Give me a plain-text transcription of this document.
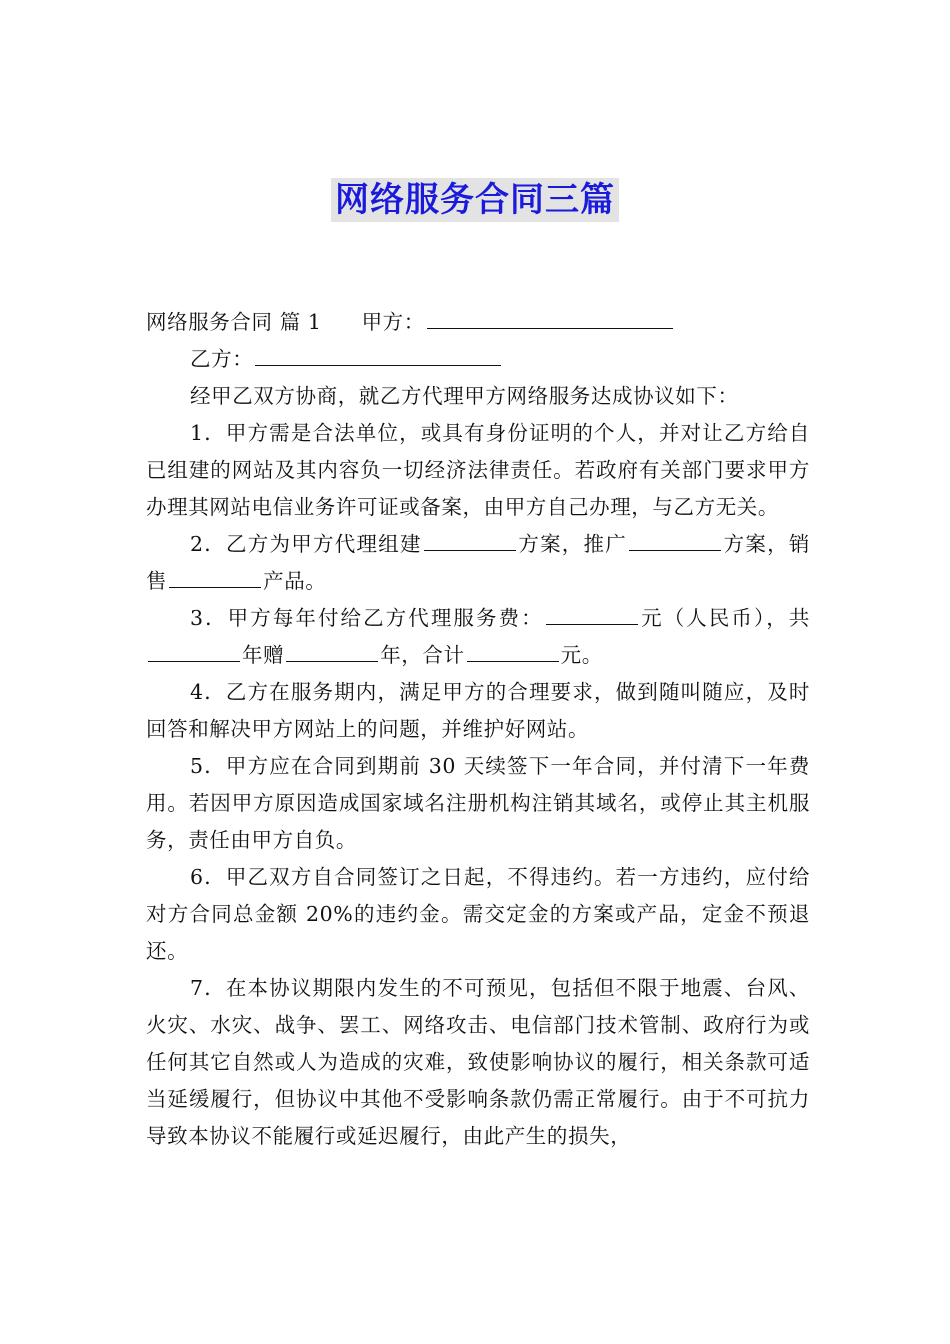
网络服务合同三篇

网络服务合同 篇 1 甲方：

乙方：

经甲乙双方协商，就乙方代理甲方网络服务达成协议如下：

1．甲方需是合法单位，或具有身份证明的个人，并对让乙方给自已组建的网站及其内容负一切经济法律责任。若政府有关部门要求甲方办理其网站电信业务许可证或备案，由甲方自己办理，与乙方无关。

2．乙方为甲方代理组建	方案，推广	方案，销售	产品。

3．甲方每年付给乙方代理服务费：	元（人民币），共年赠	年，合计	元。

4．乙方在服务期内，满足甲方的合理要求，做到随叫随应，及时回答和解决甲方网站上的问题，并维护好网站。

5．甲方应在合同到期前 30 天续签下一年合同，并付清下一年费用。若因甲方原因造成国家域名注册机构注销其域名，或停止其主机服务，责任由甲方自负。

6．甲乙双方自合同签订之日起，不得违约。若一方违约，应付给对方合同总金额 20%的违约金。需交定金的方案或产品，定金不预退还。

7．在本协议期限内发生的不可预见，包括但不限于地震、台风、火灾、水灾、战争、罢工、网络攻击、电信部门技术管制、政府行为或任何其它自然或人为造成的灾难，致使影响协议的履行，相关条款可适当延缓履行，但协议中其他不受影响条款仍需正常履行。由于不可抗力导致本协议不能履行或延迟履行，由此产生的损失，
